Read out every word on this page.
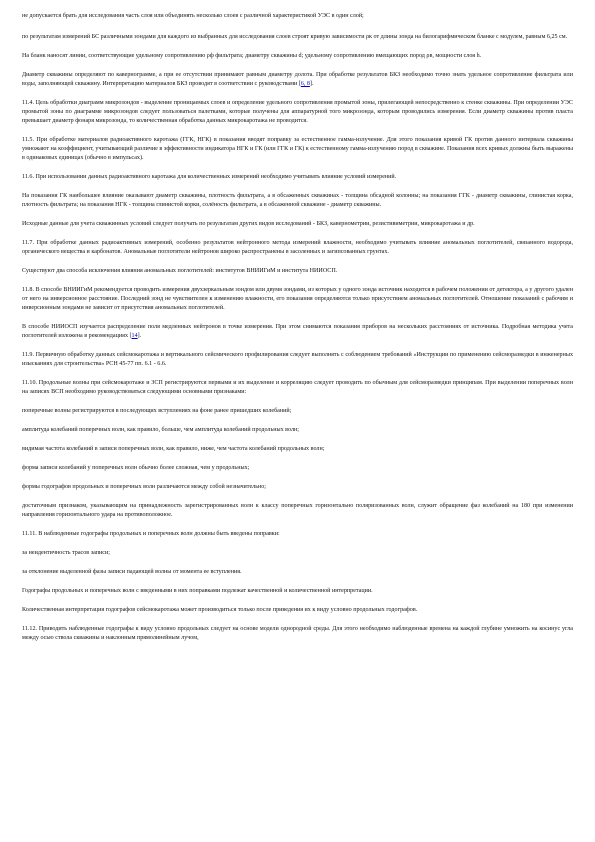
не допускается брать для исследования часть слоя или объединять несколько слоев с различной характеристикой УЭС в один слой;

по результатам измерений БС различными зондами для каждого из выбранных для исследования слоев строят кривую зависимости ρк от длины зонда на билогарифмическом бланке с модулем, равным 6,25 см.

На бланк наносят линии, соответствующие удельному сопротивлению ρф фильтрата; диаметру скважины d; удельному сопротивлению вмещающих пород ρв, мощности слоя h.

Диаметр скважины определяют по кавернограмме, а при ее отсутствии принимают равным диаметру долота. При обработке результатов БКЗ необходимо точно знать удельное сопротивление фильтрата или воды, заполняющей скважину. Интерпретацию материалов БКЗ проводят в соответствии с руководствами [6, 8].

11.4. Цель обработки диаграмм микрозондов - выделение проницаемых слоев и определение удельного сопротивления промытой зоны, прилегающей непосредственно к стенке скважины. При определении УЭС промытой зоны по диаграмме микрозондов следует пользоваться палетками, которые получены для аппаратурной того микрозонда, которым проводились измерения. Если диаметр скважины против пласта превышает диаметр фонаря микрозонда, то количественная обработка данных микрокаротажа не проводится.

11.5. При обработке материалов радиоактивного каротажа (ГГК, НГК) в показания вводят поправку за естественное гамма-излучение. Для этого показания кривой ГК против данного интервала скважины умножают на коэффициент, учитывающий различие в эффективности индикатора НГК и ГК (или ГГК и ГК) к естественному гамма-излучению пород в скважине. Показания всех кривых должны быть выражены в одинаковых единицах (обычно в импульсах).

11.6. При использовании данных радиоактивного каротажа для количественных измерений необходимо учитывать влияние условий измерений.

На показания ГК наибольшее влияние оказывают диаметр скважины, плотность фильтрата, а в обсаженных скважинах - толщина обсадной колонны; на показания ГГК - диаметр скважины, глинистая корка, плотность фильтрата; на показания НГК - толщина глинистой корки, солёность фильтрата, а в обсаженной скважине - диаметр скважины.

Исходные данные для учета скважинных условий следует получать по результатам других видов исследований - БКЗ, кавернометрии, резистивиметрии, микрокаротажа и др.

11.7. При обработке данных радиоактивных измерений, особенно результатов нейтронного метода измерений влажности, необходимо учитывать влияние аномальных поглотителей, связанного водорода, органического вещества и карбонатов. Аномальные поглотители нейтронов широко распространены в засоленных и загипсованных грунтах.

Существуют два способа исключения влияния аномальных поглотителей: институтов ВНИИГиМ и института НИИОСП.

11.8. В способе ВНИИГиМ рекомендуется проводить измерения двухзеркальным зондом или двумя зондами, из которых у одного зонда источник находится в рабочем положении от детектора, а у другого удален от него на инверсионное расстояние. Последний зонд не чувствителен к изменению влажности, его показания определяются только присутствием аномальных поглотителей. Отношение показаний с рабочим и инверсионным зондами не зависит от присутствия аномальных поглотителей.

В способе НИИОСП изучается распределение поля медленных нейтронов в точке измерения. При этом снимаются показания приборов на нескольких расстояниях от источника. Подробная методика учета поглотителей изложена в рекомендациях [14].

11.9. Первичную обработку данных сейсмокаротажа и вертикального сейсмического профилирования следует выполнять с соблюдением требований «Инструкции по применению сейсморазведки в инженерных изысканиях для строительства» РСН 45-77 пп. 6.1 - 6.6.

11.10. Продольные волны при сейсмокаротаже и ЗСП регистрируются первыми и их выделение и корреляцию следует проводить по обычным для сейсморазведки принципам. При выделении поперечных волн на записях ВСП необходимо руководствоваться следующими основными признаками:

поперечные волны регистрируются в последующих вступлениях на фоне ранее пришедших колебаний;

амплитуда колебаний поперечных волн, как правило, больше, чем амплитуда колебаний продольных волн;

видимая частота колебаний в записи поперечных волн, как правило, ниже, чем частота колебаний продольных волн;

форма записи колебаний у поперечных волн обычно более сложная, чем у продольных;

формы годографов продольных и поперечных волн различаются между собой незначительно;

достаточным признаком, указывающим на принадлежность зарегистрированных волн к классу поперечных горизонтально поляризованных волн, служит обращение фаз колебаний на 180 при изменении направления горизонтального удара на противоположное.

11.11. В наблюденные годографы продольных и поперечных волн должны быть введены поправки:

за неидентичность трасов записи;

за отклонение выделенной фазы записи падающей волны от момента ее вступления.

Годографы продольных и поперечных волн с введенными в них поправками подлежат качественной и количественной интерпретации.

Количественная интерпретация годографов сейсмокаротажа может производиться только после приведения их к виду условно продольных годографов.

11.12. Приводить наблюденные годографы к виду условно продольных следует на основе модели однородной среды. Для этого необходимо наблюденные времена на каждой глубине умножить на косинус угла между осью ствола скважины и наклонным прямолинейным лучом,
